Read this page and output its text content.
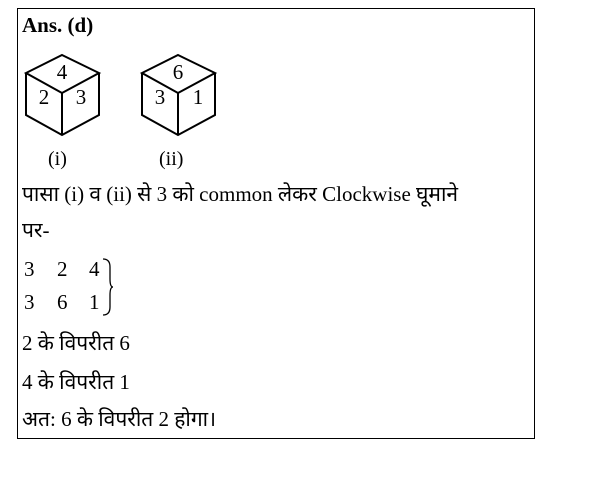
Ans. (d)
4
2 3
6
3 1
(i)	(ii)
पासा (i) व (ii) से 3 को common लेकर Clockwise घूमाने
पर-
3 2 4
3 6 1
2 के विपरीत 6
4 के विपरीत 1
अत: 6 के विपरीत 2 होगा।
